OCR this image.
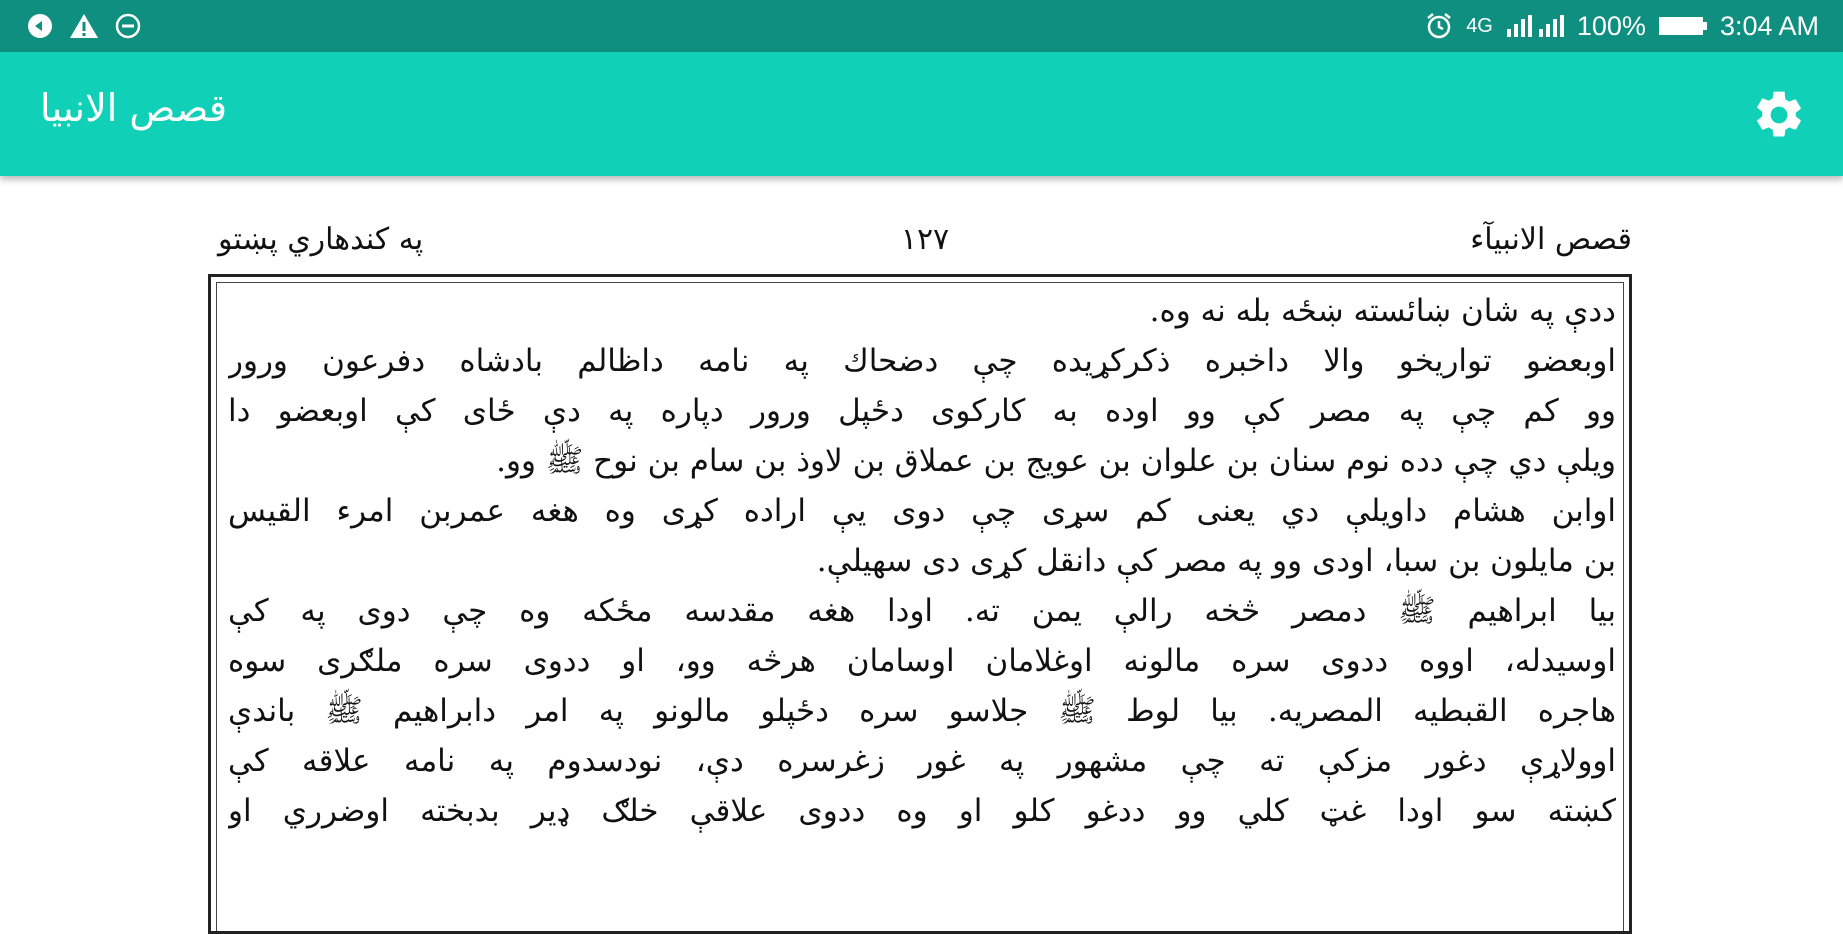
4G	100%	3:04 AM
قصص الانبیا
قصص الانبیآء
۱۲۷
په کندهاري پښتو
ددې په شان ښائسته ښځه بله نه وه.
اوبعضو تواریخو والا داخبره ذکرکړیده چې دضحاك په نامه داظالم بادشاه دفرعون ورور
وو کم چې په مصر کې وو اوده به کارکوی دځپل ورور دپاره په دې ځای کې اوبعضو دا
ویلې دي چې دده نوم سنان بن علوان بن عویج بن عملاق بن لاوذ بن سام بن نوح ﷺ وو.
اوابن هشام داویلې دي یعنی کم سړی چې دوی یې اراده کړی وه هغه عمربن امرء القیس
بن مایلون بن سبا، اودی وو په مصر کې دانقل کړی دی سهیلې.
بیا ابراهیم ﷺ دمصر څخه رالې یمن ته. اودا هغه مقدسه مځکه وه چې دوی په کې
اوسیدله، اووه ددوی سره مالونه اوغلامان اوسامان هرڅه وو، او ددوی سره ملګری سوه
هاجره القبطیه المصریه. بیا لوط ﷺ جلاسو سره دځپلو مالونو په امر دابراهیم ﷺ باندې
اوولاړې دغور مزکې ته چې مشهور په غور زغرسره دې، نودسدوم په نامه علاقه کې
کښته سو اودا غټ کلي وو ددغو کلو او وه ددوی علاقې خلګ ډیر بدبخته اوضرري او
